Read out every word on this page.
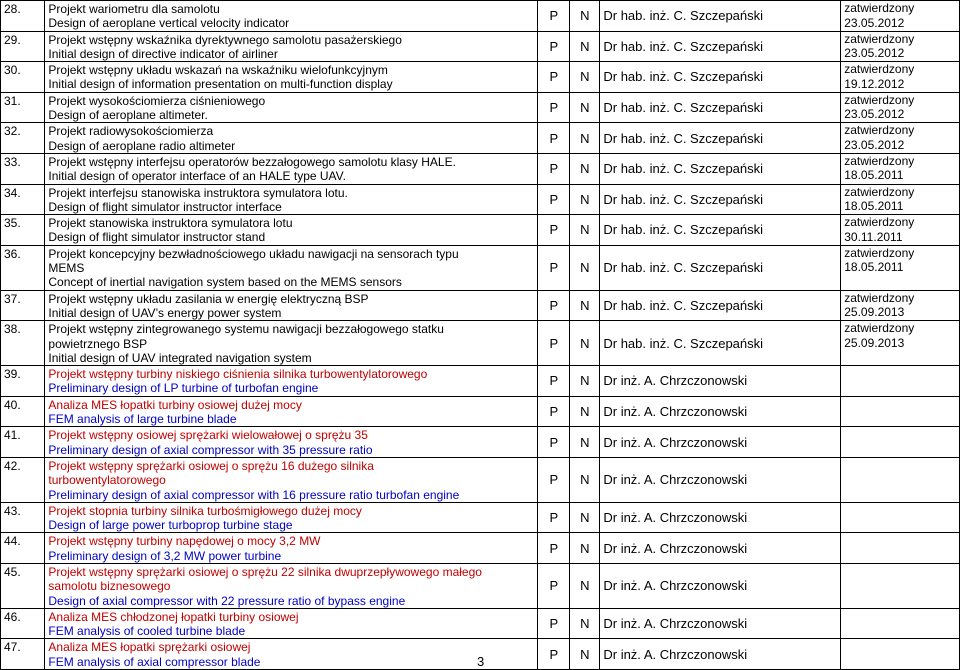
28.	Projekt wariometru dla samolotu
Design of aeroplane vertical velocity indicator	P	N	Dr hab. inż. C. Szczepański	zatwierdzony
23.05.2012

29.	Projekt wstępny wskaźnika dyrektywnego samolotu pasażerskiego
Initial design of directive indicator of airliner	P	N	Dr hab. inż. C. Szczepański	zatwierdzony
23.05.2012

30.	Projekt wstępny układu wskazań na wskaźniku wielofunkcyjnym
Initial design of information presentation on multi-function display	P	N	Dr hab. inż. C. Szczepański	zatwierdzony
19.12.2012

31.	Projekt wysokościomierza ciśnieniowego
Design of aeroplane altimeter.	P	N	Dr hab. inż. C. Szczepański	zatwierdzony
23.05.2012

32.	Projekt radiowysokościomierza
Design of aeroplane radio altimeter	P	N	Dr hab. inż. C. Szczepański	zatwierdzony
23.05.2012

33.	Projekt wstępny interfejsu operatorów bezzałogowego samolotu klasy HALE.
Initial design of operator interface of an HALE type UAV.	P	N	Dr hab. inż. C. Szczepański	zatwierdzony
18.05.2011

34.	Projekt interfejsu stanowiska instruktora symulatora lotu.
Design of flight simulator instructor interface	P	N	Dr hab. inż. C. Szczepański	zatwierdzony
18.05.2011

35.	Projekt stanowiska instruktora symulatora lotu
Design of flight simulator instructor stand	P	N	Dr hab. inż. C. Szczepański	zatwierdzony
30.11.2011

36.	Projekt koncepcyjny bezwładnościowego układu nawigacji na sensorach typu
MEMS
Concept of inertial navigation system based on the MEMS sensors	P	N	Dr hab. inż. C. Szczepański	zatwierdzony
18.05.2011

37.	Projekt wstępny układu zasilania w energię elektryczną BSP
Initial design of UAV’s energy power system	P	N	Dr hab. inż. C. Szczepański	zatwierdzony
25.09.2013

38.	Projekt wstępny zintegrowanego systemu nawigacji bezzałogowego statku
powietrznego BSP
Initial design of UAV integrated navigation system	P	N	Dr hab. inż. C. Szczepański	zatwierdzony
25.09.2013

39.	Projekt wstępny turbiny niskiego ciśnienia silnika turbowentylatorowego
Preliminary design of LP turbine of turbofan engine	P	N	Dr inż. A. Chrzczonowski	
40.	Analiza MES łopatki turbiny osiowej dużej mocy
FEM analysis of large turbine blade	P	N	Dr inż. A. Chrzczonowski	
41.	Projekt wstępny osiowej sprężarki wielowałowej o sprężu 35
Preliminary design of axial compressor with 35 pressure ratio	P	N	Dr inż. A. Chrzczonowski	
42.	Projekt wstępny sprężarki osiowej o sprężu 16 dużego silnika
turbowentylatorowego
Preliminary design of axial compressor with 16 pressure ratio turbofan engine	P	N	Dr inż. A. Chrzczonowski	
43.	Projekt stopnia turbiny silnika turbośmigłowego dużej mocy
Design of large power turboprop turbine stage	P	N	Dr inż. A. Chrzczonowski	
44.	Projekt wstępny turbiny napędowej o mocy 3,2 MW
Preliminary design of 3,2 MW power turbine	P	N	Dr inż. A. Chrzczonowski	
45.	Projekt wstępny sprężarki osiowej o sprężu 22 silnika dwuprzepływowego małego
samolotu biznesowego
Design of axial compressor with 22 pressure ratio of bypass engine	P	N	Dr inż. A. Chrzczonowski	
46.	Analiza MES chłodzonej łopatki turbiny osiowej
FEM analysis of cooled turbine blade	P	N	Dr inż. A. Chrzczonowski	
47.	Analiza MES łopatki sprężarki osiowej
FEM analysis of axial compressor blade	P	N	Dr inż. A. Chrzczonowski	
3
